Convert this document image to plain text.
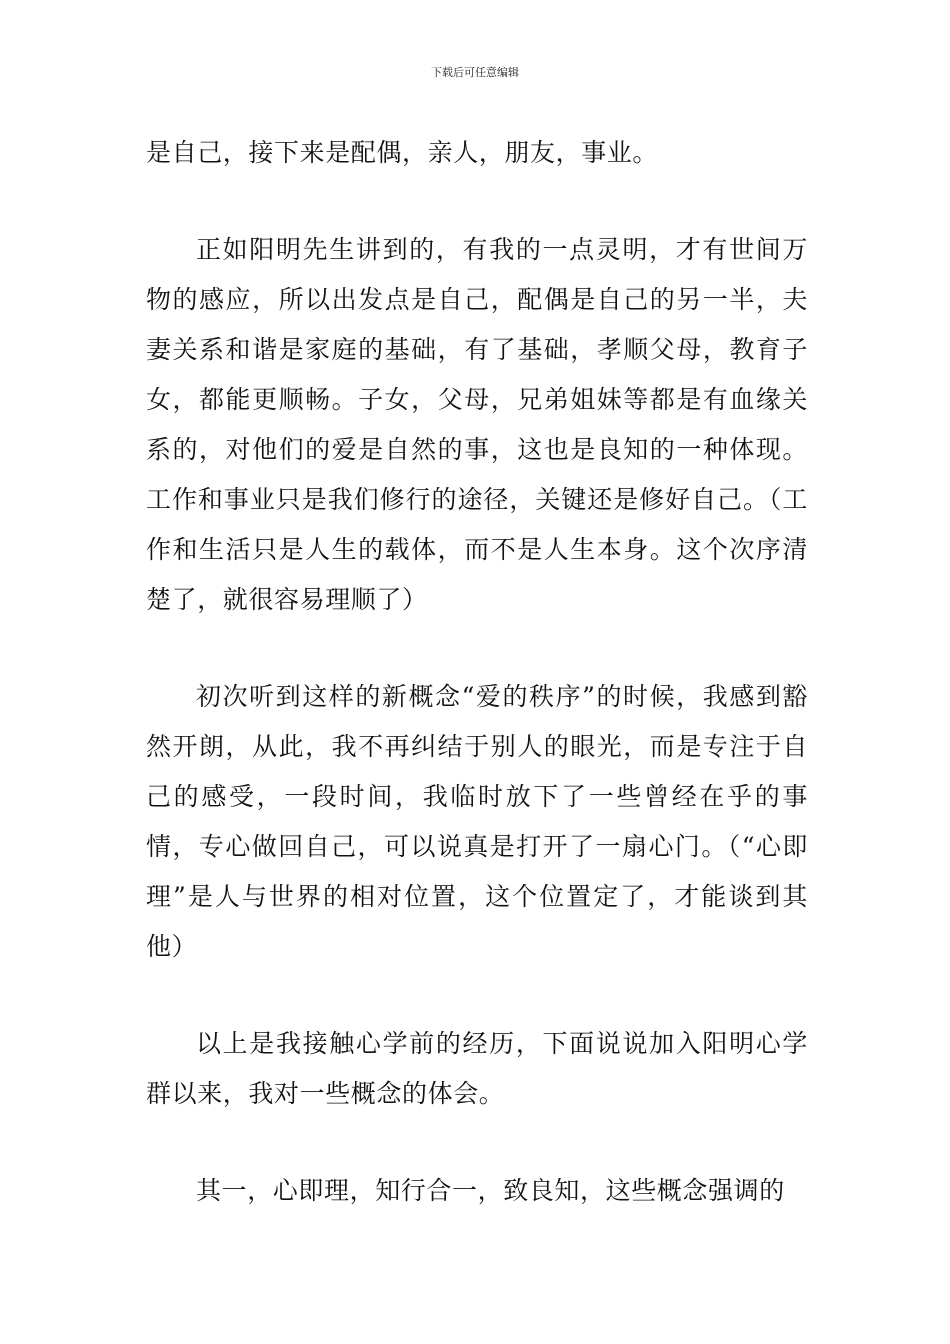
下载后可任意编辑

是自己，接下来是配偶，亲人，朋友，事业。

正如阳明先生讲到的，有我的一点灵明，才有世间万物的感应，所以出发点是自己，配偶是自己的另一半，夫妻关系和谐是家庭的基础，有了基础，孝顺父母，教育子女，都能更顺畅。子女，父母，兄弟姐妹等都是有血缘关系的，对他们的爱是自然的事，这也是良知的一种体现。工作和事业只是我们修行的途径，关键还是修好自己。（工作和生活只是人生的载体，而不是人生本身。这个次序清楚了，就很容易理顺了）

初次听到这样的新概念“爱的秩序”的时候，我感到豁然开朗，从此，我不再纠结于别人的眼光，而是专注于自己的感受，一段时间，我临时放下了一些曾经在乎的事情，专心做回自己，可以说真是打开了一扇心门。（“心即理”是人与世界的相对位置，这个位置定了，才能谈到其他）

以上是我接触心学前的经历，下面说说加入阳明心学群以来，我对一些概念的体会。

其一，心即理，知行合一，致良知，这些概念强调的
